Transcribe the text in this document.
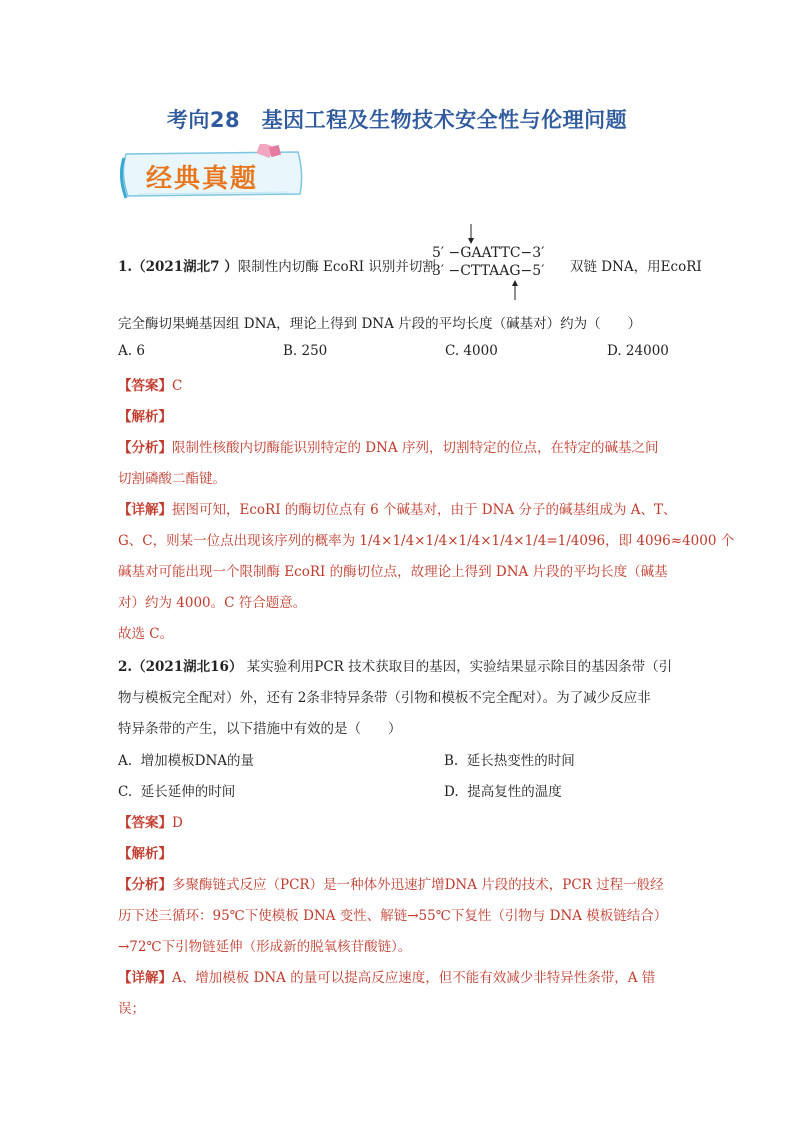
考向28　基因工程及生物技术安全性与伦理问题
经典真题
1.（2021湖北7 ）限制性内切酶 EcoRI 识别并切割
5′ −GAATTC−3′
3′ −CTTAAG−5′ 双链 DNA，用EcoRI
完全酶切果蝇基因组 DNA，理论上得到 DNA 片段的平均长度（碱基对）约为（　　）
A. 6	B. 250	C. 4000	D. 24000
【答案】C
【解析】
【分析】限制性核酸内切酶能识别特定的 DNA 序列，切割特定的位点，在特定的碱基之间
切割磷酸二酯键。
【详解】据图可知，EcoRI 的酶切位点有 6 个碱基对，由于 DNA 分子的碱基组成为 A、T、
G、C，则某一位点出现该序列的概率为 1/4×1/4×1/4×1/4×1/4×1/4=1/4096，即 4096≈4000 个
碱基对可能出现一个限制酶 EcoRI 的酶切位点，故理论上得到 DNA 片段的平均长度（碱基
对）约为 4000。C 符合题意。
故选 C。
2.（2021湖北16） 某实验利用PCR 技术获取目的基因，实验结果显示除目的基因条带（引
物与模板完全配对）外，还有 2条非特异条带（引物和模板不完全配对）。为了减少反应非
特异条带的产生，以下措施中有效的是（　　）
A.  增加模板DNA的量	B.  延长热变性的时间
C.  延长延伸的时间	D.  提高复性的温度
【答案】D
【解析】
【分析】多聚酶链式反应（PCR）是一种体外迅速扩增DNA 片段的技术，PCR 过程一般经
历下述三循环：95℃下使模板 DNA 变性、解链→55℃下复性（引物与 DNA 模板链结合）
→72℃下引物链延伸（形成新的脱氧核苷酸链）。
【详解】A、增加模板 DNA 的量可以提高反应速度，但不能有效减少非特异性条带，A 错
误；
